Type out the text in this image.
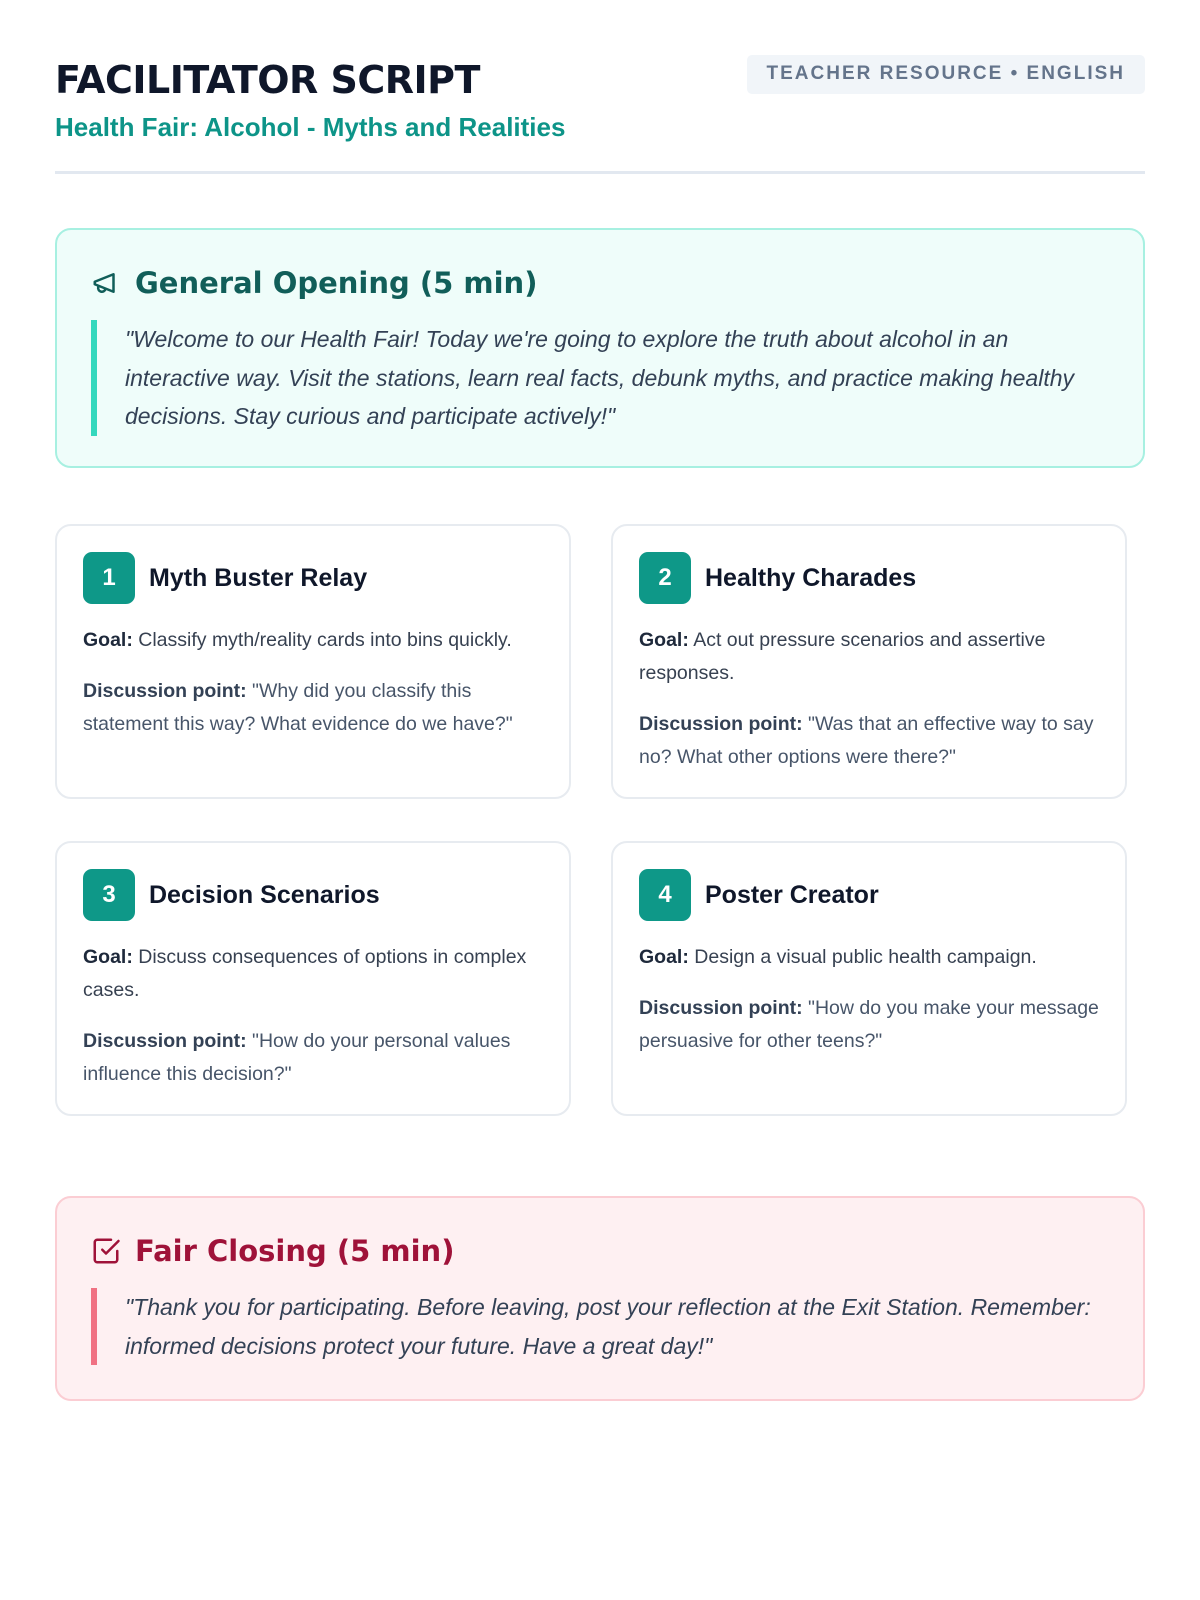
FACILITATOR SCRIPT
Health Fair: Alcohol - Myths and Realities
TEACHER RESOURCE • ENGLISH
General Opening (5 min)

"Welcome to our Health Fair! Today we're going to explore the truth about alcohol in an interactive way. Visit the stations, learn real facts, debunk myths, and practice making healthy decisions. Stay curious and participate actively!"

1	Myth Buster Relay

Goal: Classify myth/reality cards into bins quickly.

Discussion point: "Why did you classify this statement this way? What evidence do we have?"

2	Healthy Charades

Goal: Act out pressure scenarios and assertive responses.

Discussion point: "Was that an effective way to say no? What other options were there?"

3	Decision Scenarios

Goal: Discuss consequences of options in complex cases.

Discussion point: "How do your personal values influence this decision?"

4	Poster Creator

Goal: Design a visual public health campaign.

Discussion point: "How do you make your message persuasive for other teens?"

Fair Closing (5 min)

"Thank you for participating. Before leaving, post your reflection at the Exit Station. Remember: informed decisions protect your future. Have a great day!"
